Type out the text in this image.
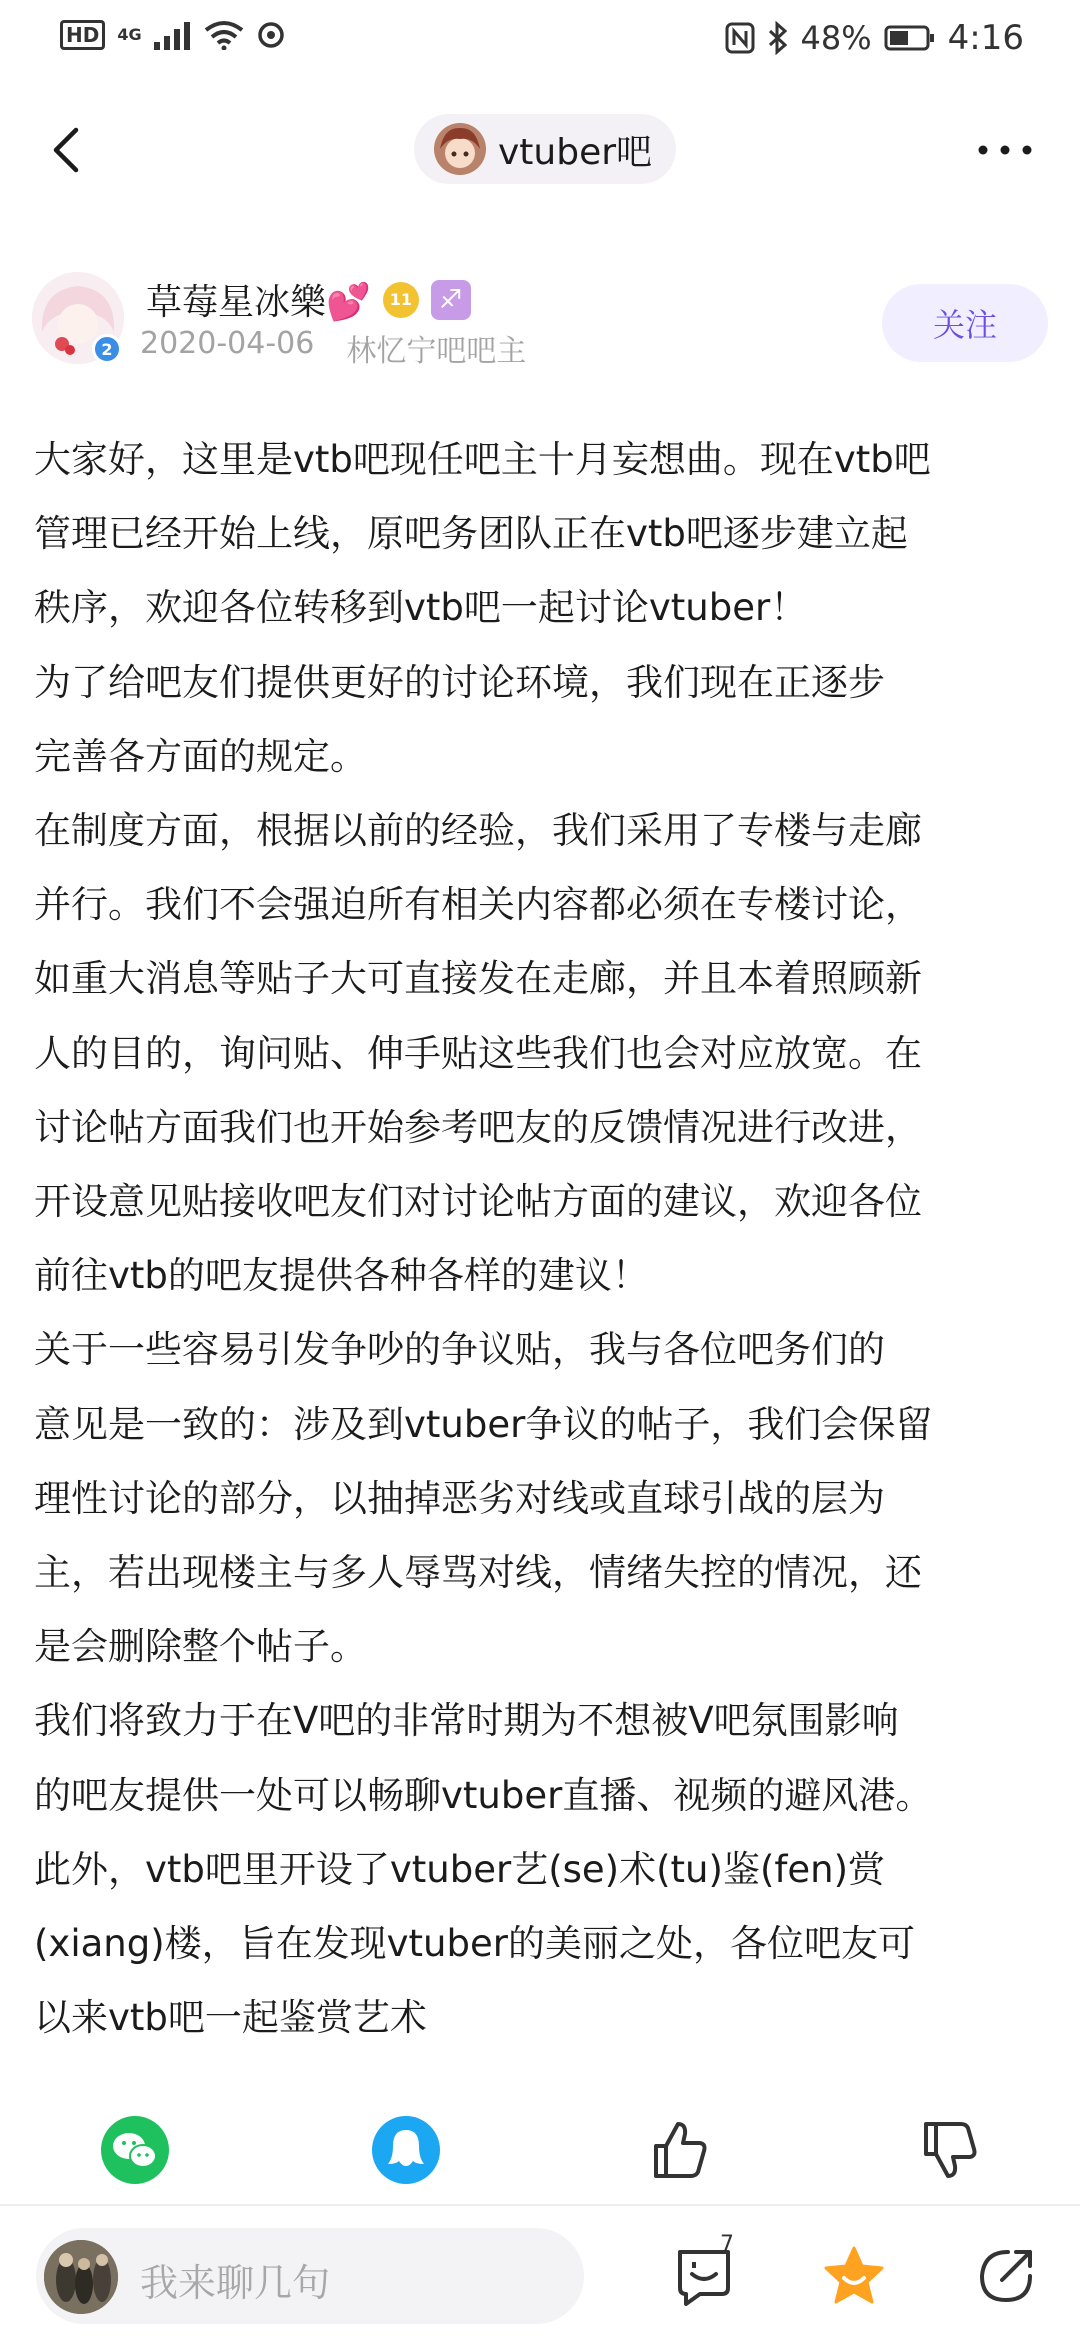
HD	4G	48% 4:16
vtuber吧
2
草莓星冰樂💕	11	♐
2020-04-06 林忆宁吧吧主
关注

大家好，这里是vtb吧现任吧主十月妄想曲。现在vtb吧

管理已经开始上线，原吧务团队正在vtb吧逐步建立起

秩序，欢迎各位转移到vtb吧一起讨论vtuber！

为了给吧友们提供更好的讨论环境，我们现在正逐步

完善各方面的规定。

在制度方面，根据以前的经验，我们采用了专楼与走廊

并行。我们不会强迫所有相关内容都必须在专楼讨论，

如重大消息等贴子大可直接发在走廊，并且本着照顾新

人的目的，询问贴、伸手贴这些我们也会对应放宽。在

讨论帖方面我们也开始参考吧友的反馈情况进行改进，

开设意见贴接收吧友们对讨论帖方面的建议，欢迎各位

前往vtb的吧友提供各种各样的建议！

关于一些容易引发争吵的争议贴，我与各位吧务们的

意见是一致的：涉及到vtuber争议的帖子，我们会保留

理性讨论的部分，以抽掉恶劣对线或直球引战的层为

主，若出现楼主与多人辱骂对线，情绪失控的情况，还

是会删除整个帖子。

我们将致力于在V吧的非常时期为不想被V吧氛围影响

的吧友提供一处可以畅聊vtuber直播、视频的避风港。

此外，vtb吧里开设了vtuber艺(se)术(tu)鉴(fen)赏

(xiang)楼，旨在发现vtuber的美丽之处，各位吧友可

以来vtb吧一起鉴赏艺术

我来聊几句
7
